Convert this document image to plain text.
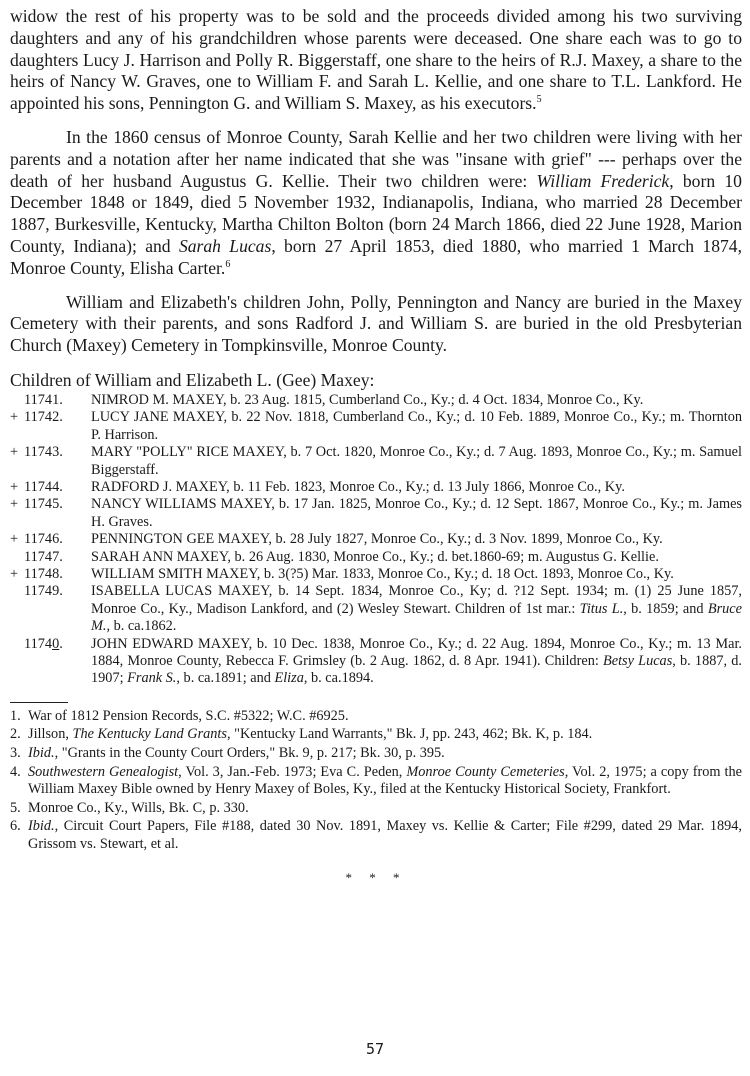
widow the rest of his property was to be sold and the proceeds divided among his two surviving daughters and any of his grandchildren whose parents were deceased. One share each was to go to daughters Lucy J. Harrison and Polly R. Biggerstaff, one share to the heirs of R.J. Maxey, a share to the heirs of Nancy W. Graves, one to William F. and Sarah L. Kellie, and one share to T.L. Lankford. He appointed his sons, Pennington G. and William S. Maxey, as his executors.$^5$

In the 1860 census of Monroe County, Sarah Kellie and her two children were living with her parents and a notation after her name indicated that she was "insane with grief" --- perhaps over the death of her husband Augustus G. Kellie. Their two children were: William Frederick, born 10 December 1848 or 1849, died 5 November 1932, Indianapolis, Indiana, who married 28 December 1887, Burkesville, Kentucky, Martha Chilton Bolton (born 24 March 1866, died 22 June 1928, Marion County, Indiana); and Sarah Lucas, born 27 April 1853, died 1880, who married 1 March 1874, Monroe County, Elisha Carter.$^6$

William and Elizabeth's children John, Polly, Pennington and Nancy are buried in the Maxey Cemetery with their parents, and sons Radford J. and William S. are buried in the old Presbyterian Church (Maxey) Cemetery in Tompkinsville, Monroe County.

Children of William and Elizabeth L. (Gee) Maxey:

11741. NIMROD M. MAXEY, b. 23 Aug. 1815, Cumberland Co., Ky.; d. 4 Oct. 1834, Monroe Co., Ky.

+ 11742. LUCY JANE MAXEY, b. 22 Nov. 1818, Cumberland Co., Ky.; d. 10 Feb. 1889, Monroe Co., Ky.; m. Thornton P. Harrison.

+ 11743. MARY "POLLY" RICE MAXEY, b. 7 Oct. 1820, Monroe Co., Ky.; d. 7 Aug. 1893, Monroe Co., Ky.; m. Samuel Biggerstaff.

+ 11744. RADFORD J. MAXEY, b. 11 Feb. 1823, Monroe Co., Ky.; d. 13 July 1866, Monroe Co., Ky.

+ 11745. NANCY WILLIAMS MAXEY, b. 17 Jan. 1825, Monroe Co., Ky.; d. 12 Sept. 1867, Monroe Co., Ky.; m. James H. Graves.

+ 11746. PENNINGTON GEE MAXEY, b. 28 July 1827, Monroe Co., Ky.; d. 3 Nov. 1899, Monroe Co., Ky.

11747. SARAH ANN MAXEY, b. 26 Aug. 1830, Monroe Co., Ky.; d. bet.1860-69; m. Augustus G. Kellie.

+ 11748. WILLIAM SMITH MAXEY, b. 3(?5) Mar. 1833, Monroe Co., Ky.; d. 18 Oct. 1893, Monroe Co., Ky.

11749. ISABELLA LUCAS MAXEY, b. 14 Sept. 1834, Monroe Co., Ky; d. ?12 Sept. 1934; m. (1) 25 June 1857, Monroe Co., Ky., Madison Lankford, and (2) Wesley Stewart. Children of 1st mar.: Titus L., b. 1859; and Bruce M., b. ca.1862.

11740. JOHN EDWARD MAXEY, b. 10 Dec. 1838, Monroe Co., Ky.; d. 22 Aug. 1894, Monroe Co., Ky.; m. 13 Mar. 1884, Monroe County, Rebecca F. Grimsley (b. 2 Aug. 1862, d. 8 Apr. 1941). Children: Betsy Lucas, b. 1887, d. 1907; Frank S., b. ca.1891; and Eliza, b. ca.1894.

1. War of 1812 Pension Records, S.C. #5322; W.C. #6925.

2. Jillson, The Kentucky Land Grants, "Kentucky Land Warrants," Bk. J, pp. 243, 462; Bk. K, p. 184.

3. Ibid., "Grants in the County Court Orders," Bk. 9, p. 217; Bk. 30, p. 395.

4. Southwestern Genealogist, Vol. 3, Jan.-Feb. 1973; Eva C. Peden, Monroe County Cemeteries, Vol. 2, 1975; a copy from the William Maxey Bible owned by Henry Maxey of Boles, Ky., filed at the Kentucky Historical Society, Frankfort.

5. Monroe Co., Ky., Wills, Bk. C, p. 330.

6. Ibid., Circuit Court Papers, File #188, dated 30 Nov. 1891, Maxey vs. Kellie & Carter; File #299, dated 29 Mar. 1894, Grissom vs. Stewart, et al.

* * *
57
